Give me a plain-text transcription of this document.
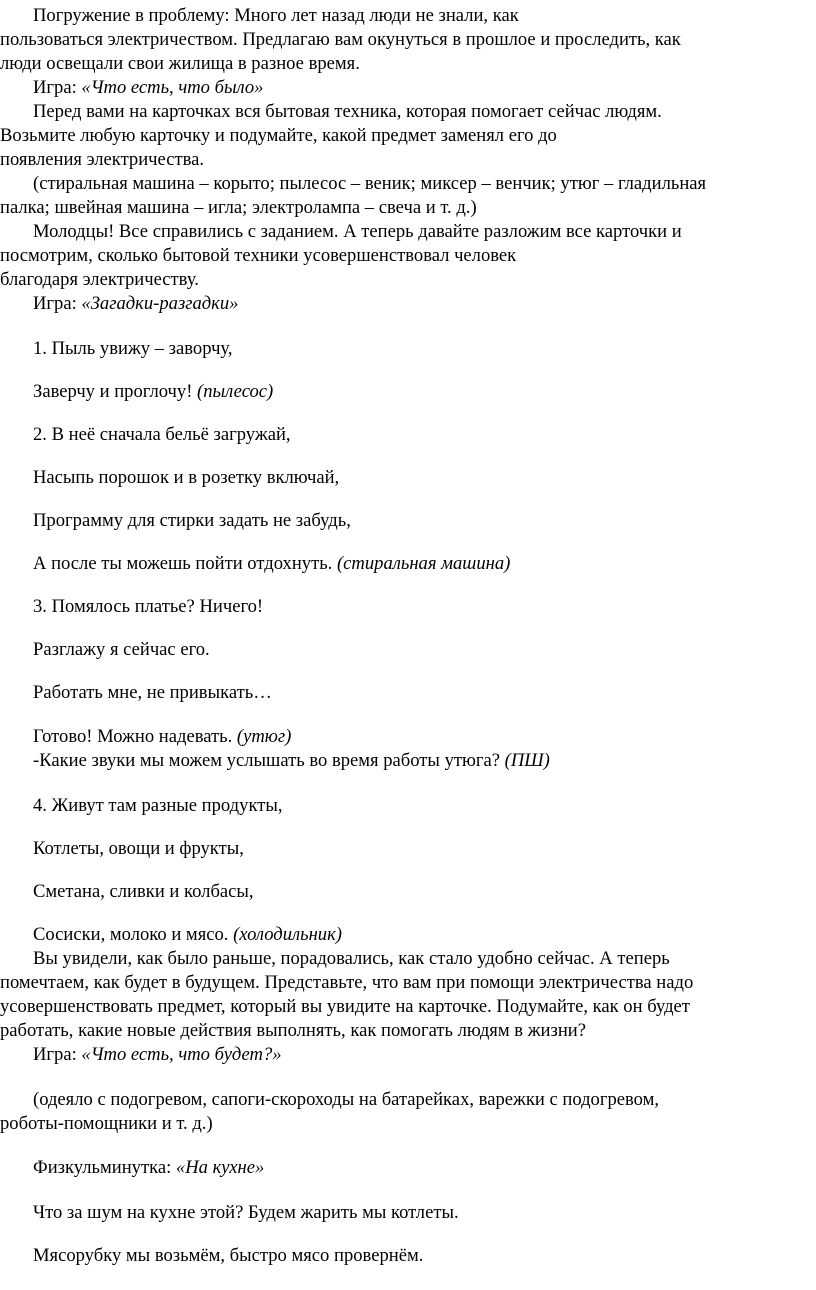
Погружение в проблему: Много лет назад люди не знали, как
пользоваться электричеством. Предлагаю вам окунуться в прошлое и проследить, как
люди освещали свои жилища в разное время.
Игра: «Что есть, что было»
Перед вами на карточках вся бытовая техника, которая помогает сейчас людям.
Возьмите любую карточку и подумайте, какой предмет заменял его до
появления электричества.
(стиральная машина – корыто; пылесос – веник; миксер – венчик; утюг – гладильная
палка; швейная машина – игла; электролампа – свеча и т. д.)
Молодцы! Все справились с заданием. А теперь давайте разложим все карточки и
посмотрим, сколько бытовой техники усовершенствовал человек
благодаря электричеству.
Игра: «Загадки-разгадки»
1. Пыль увижу – заворчу,
Заверчу и проглочу! (пылесос)
2. В неё сначала бельё загружай,
Насыпь порошок и в розетку включай,
Программу для стирки задать не забудь,
А после ты можешь пойти отдохнуть. (стиральная машина)
3. Помялось платье? Ничего!
Разглажу я сейчас его.
Работать мне, не привыкать…
Готово! Можно надевать. (утюг)
-Какие звуки мы можем услышать во время работы утюга? (ПШ)
4. Живут там разные продукты,
Котлеты, овощи и фрукты,
Сметана, сливки и колбасы,
Сосиски, молоко и мясо. (холодильник)
Вы увидели, как было раньше, порадовались, как стало удобно сейчас. А теперь
помечтаем, как будет в будущем. Представьте, что вам при помощи электричества надо
усовершенствовать предмет, который вы увидите на карточке. Подумайте, как он будет
работать, какие новые действия выполнять, как помогать людям в жизни?
Игра: «Что есть, что будет?»
(одеяло с подогревом, сапоги-скороходы на батарейках, варежки с подогревом,
роботы-помощники и т. д.)
Физкульминутка: «На кухне»
Что за шум на кухне этой? Будем жарить мы котлеты.
Мясорубку мы возьмём, быстро мясо провернём.
